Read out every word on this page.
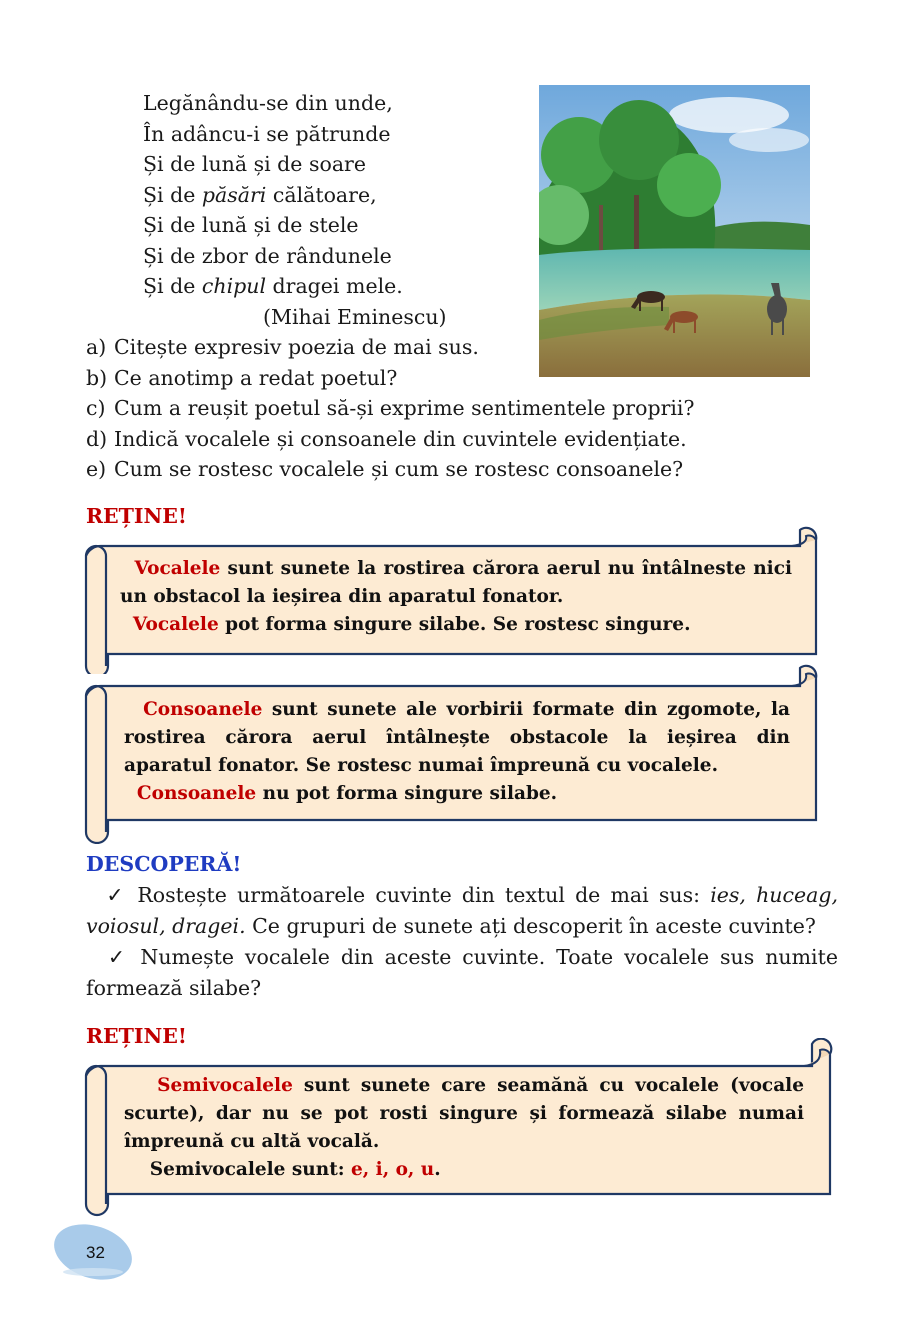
Legănându-se din unde,
În adâncu-i se pătrunde
Și de lună și de soare
Și de păsări călătoare,
Și de lună și de stele
Și de zbor de rândunele
Și de chipul dragei mele.
(Mihai Eminescu)
a) Citește expresiv poezia de mai sus.
b) Ce anotimp a redat poetul?
c) Cum a reușit poetul să-și exprime sentimentele proprii?
d) Indică vocalele și consoanele din cuvintele evidențiate.
e) Cum se rostesc vocalele și cum se rostesc consoanele?
REȚINE!
Vocalele sunt sunete la rostirea cărora aerul nu întâlneste nici un obstacol la ieșirea din aparatul fonator.
Vocalele pot forma singure silabe. Se rostesc singure.
Consoanele sunt sunete ale vorbirii formate din zgomote, la rostirea cărora aerul întâlnește obstacole la ieșirea din aparatul fonator. Se rostesc numai împreună cu vocalele.
Consoanele nu pot forma singure silabe.
DESCOPERĂ!

✓ Rostește următoarele cuvinte din textul de mai sus: ies, huceag, voiosul, dragei. Ce grupuri de sunete ați descoperit în aceste cuvinte?

✓ Numește vocalele din aceste cuvinte. Toate vocalele sus numite formează silabe?

REȚINE!
Semivocalele sunt sunete care seamănă cu vocalele (vocale scurte), dar nu se pot rosti singure și formează silabe numai împreună cu altă vocală.
Semivocalele sunt: e, i, o, u.
32
